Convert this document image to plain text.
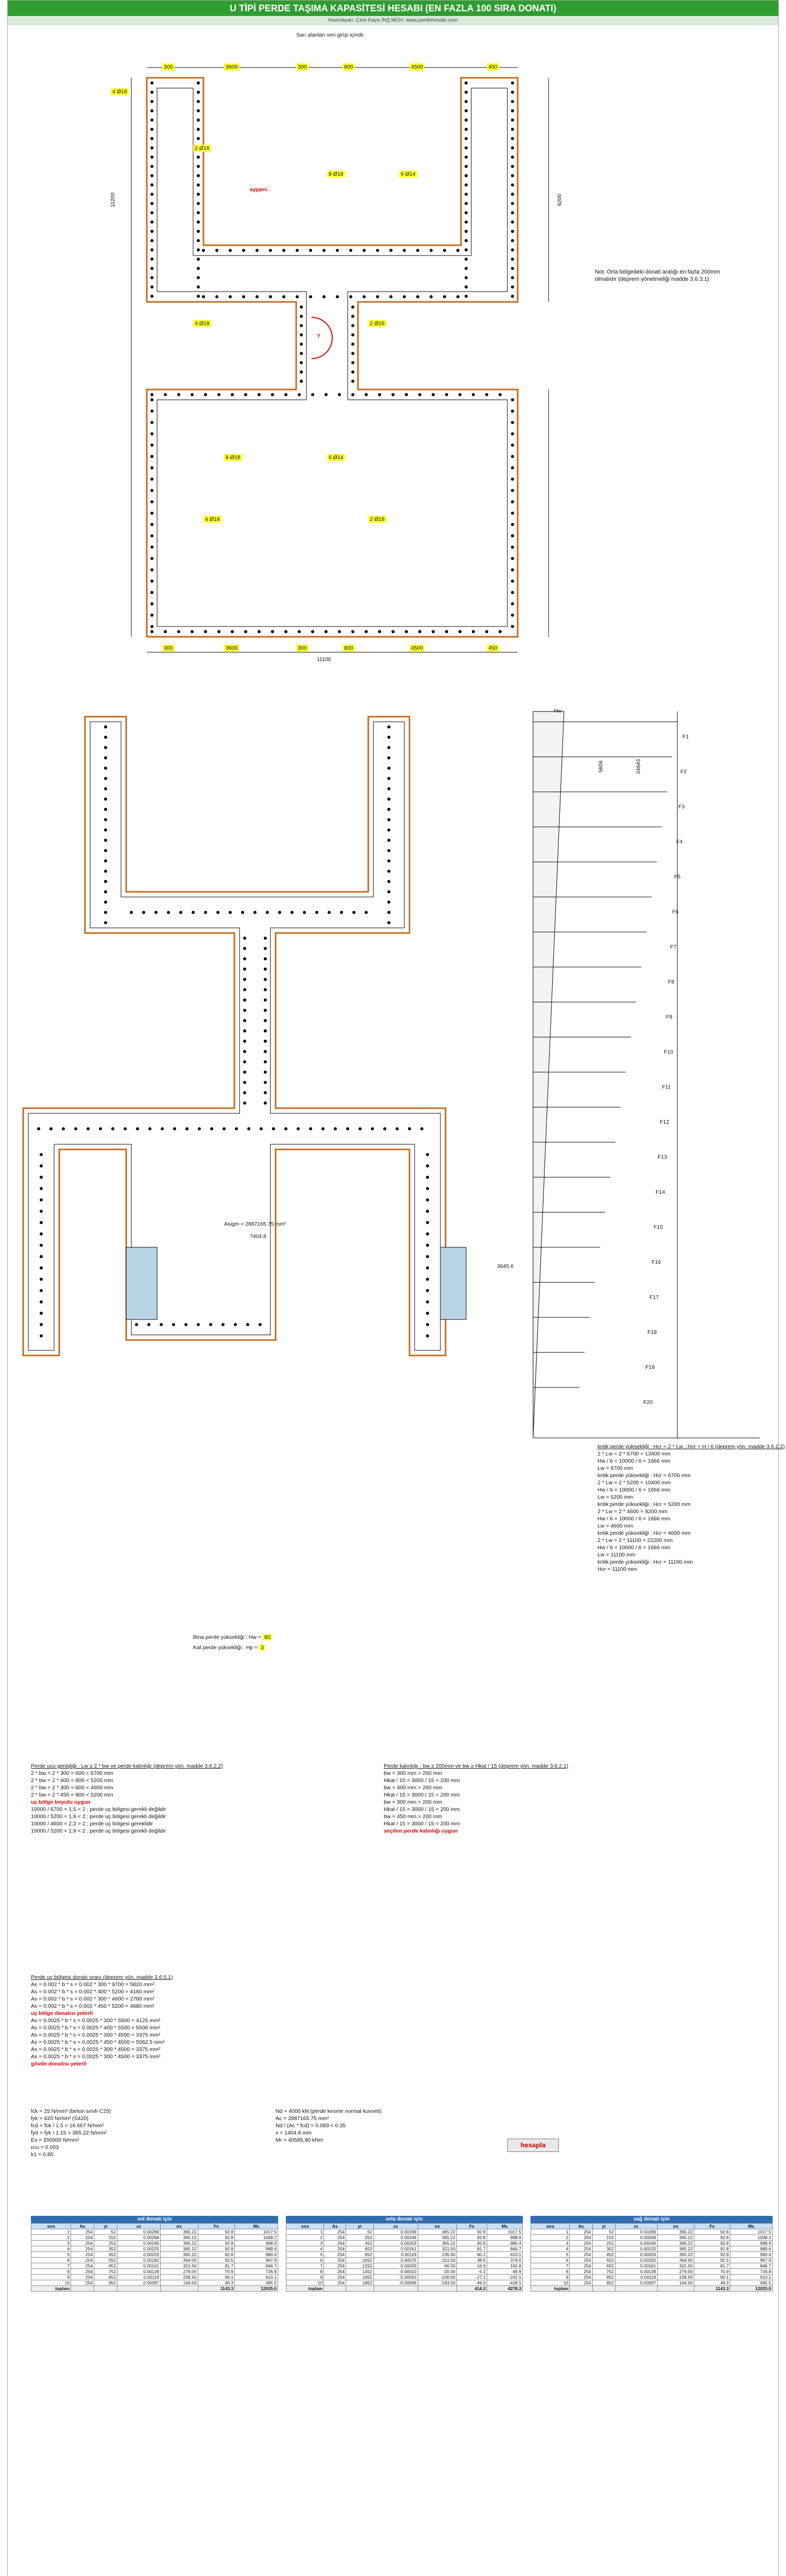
U TİPİ PERDE TAŞIMA KAPASİTESİ HESABI (EN FAZLA 100 SIRA DONATI)
Hazırlayan: Cem Kaya İNŞ.MÜH. www.perdehesabi.com
?
Sarı alanları veri girişi içindir.
11100
11200	6200
Not: Orta bölgedeki donati aralığı en fazla 200mm olmalıdır (deprem yönetmeliği madde 3.6.3.1)
Asigm = 2887165.75 mm²
?404.8
3645.6
Bina perde yüksekliği : Hw = 60
Kat perde yüksekliği : Hp = 3
F1
F2
F3
F4
F5
F6
F7
F8
F9
F10
F11
F12
F13
F14
F15
F16
F17
F18
F19
F20
kritik perde yüksekliği : Hcr = 2 * Lw ; Hcr = H / 6 (deprem yön. madde 3.6.2.2)
2 * Lw = 2 * 6700 = 13400 mm
Hw / 6 = 10000 / 6 = 1666 mm
Lw = 6700 mm
kritik perde yüksekliği : Hcr = 6700 mm
2 * Lw = 2 * 5200 = 10400 mm
Hw / 6 = 10000 / 6 = 1666 mm
Lw = 5200 mm
kritik perde yüksekliği : Hcr = 5200 mm
2 * Lw = 2 * 4600 = 9200 mm
Hw / 6 = 10000 / 6 = 1666 mm
Lw = 4600 mm
kritik perde yüksekliği : Hcr = 4600 mm
2 * Lw = 2 * 11100 = 22200 mm
Hw / 6 = 10000 / 6 = 1666 mm
Lw = 11100 mm
kritik perde yüksekliği : Hcr = 11100 mm
Hcr = 11100 mm
Perde ucu genişliği : Lw ≥ 2 * bw ve perde kalınlığı (deprem yön. madde 3.6.2.2)
2 * bw = 2 * 300 = 600 < 6700 mm
2 * bw = 2 * 400 = 800 < 5200 mm
2 * bw = 2 * 300 = 600 < 4600 mm
2 * bw = 2 * 450 = 900 < 5200 mm
uç bölge boyutu uygun
10000 / 6700 = 1.5 < 2 ; perde uç bölgesi gerekli değildir
10000 / 5200 = 1.9 < 2 ; perde uç bölgesi gerekli değildir
10000 / 4600 = 2.2 > 2 ; perde uç bölgesi gereklidir
10000 / 5200 = 1.9 < 2 ; perde uç bölgesi gerekli değildir
Perde kalınlığı : bw ≥ 200mm ve bw ≥ Hkat / 15 (deprem yön. madde 3.6.2.1)
bw = 300 mm > 200 mm
Hkat / 15 = 3000 / 15 = 200 mm
bw = 400 mm > 200 mm
Hkat / 15 = 3000 / 15 = 200 mm
bw = 300 mm > 200 mm
Hkat / 15 = 3000 / 15 = 200 mm
bw = 450 mm > 200 mm
Hkat / 15 = 3000 / 15 = 200 mm
seçilen perde kalınlığı uygun
Perde uç bölgesi donatı oranı (deprem yön. madde 3.6.5.1)
As = 0.002 * b * s = 0.002 * 300 * 9700 = 5820 mm²
As = 0.002 * b * s = 0.002 * 400 * 5200 = 4160 mm²
As = 0.002 * b * s = 0.002 * 300 * 4600 = 2760 mm²
As = 0.002 * b * s = 0.002 * 450 * 5200 = 4680 mm²
uç bölge donatısı yeterli
As = 0.0025 * b * s = 0.0025 * 300 * 5500 = 4125 mm²
As = 0.0025 * b * s = 0.0025 * 400 * 5500 = 5500 mm²
As = 0.0025 * b * s = 0.0025 * 300 * 4500 = 3375 mm²
As = 0.0025 * b * s = 0.0025 * 450 * 4500 = 5062.5 mm²
As = 0.0025 * b * s = 0.0025 * 300 * 4500 = 3375 mm²
As = 0.0025 * b * s = 0.0025 * 300 * 4500 = 3375 mm²
gövde donatısı yeterli
fck = 25 N/mm² (beton sınıfı C25)
fyk = 420 N/mm² (S420)
fcd = fck / 1.5 = 16.667 N/mm²
fyd = fyk / 1.15 = 365.22 N/mm²
Es = 200000 N/mm²
εcu = 0.003
k1 = 0.85
Nd = 4000 kN (perde kesme normal kuvveti)
Ac = 2887165.75 mm²
Nd / (Ac * fcd) = 0.083 < 0.35
x = 1404.8 mm
Mr = 40585,90 kNm
hesapla
sol donatı için
sıra	As	yi	εs	σs	Fs	Ms
1	254	52	0.00289	365.22	92.8	1017.5
2	254	152	0.00268	365.22	92.8	1008.2
3	254	252	0.00246	365.22	92.8	998.9
4	254	352	0.00225	365.22	92.8	989.6
5	254	452	0.00203	365.22	92.8	980.4
6	254	552	0.00182	364.00	92.5	967.9
7	254	652	0.00161	321.50	81.7	846.7
8	254	752	0.00139	279.00	70.9	726.8
9	254	852	0.00118	236.50	60.1	610.1
10	254	952	0.00097	194.00	49.3	495.5
toplam					1143.3	12025.0
orta donatı için
sıra	As	yi	εs	σs	Fs	Ms
1	254	52	0.00289	365.22	92.8	1017.5
2	254	252	0.00246	365.22	92.8	998.9
3	254	452	0.00203	365.22	92.8	980.4
4	254	652	0.00161	321.50	81.7	846.7
5	254	852	0.00118	236.50	60.1	610.1
6	254	1052	0.00075	151.50	38.5	379.0
7	254	1252	0.00033	66.50	16.9	162.8
8	254	1452	-0.00010	-20.00	-5.1	-46.9
9	254	1652	-0.00053	-106.50	-27.1	-242.1
10	254	1852	-0.00096	-193.00	-49.0	-428.1
toplam					414.3	4278.3
sağ donatı için
sıra	As	yi	εs	σs	Fs	Ms
1	254	52	0.00289	365.22	92.8	1017.5
2	254	152	0.00268	365.22	92.8	1008.2
3	254	252	0.00246	365.22	92.8	998.9
4	254	352	0.00225	365.22	92.8	989.6
5	254	452	0.00203	365.22	92.8	980.4
6	254	552	0.00182	364.00	92.5	967.9
7	254	652	0.00161	321.50	81.7	846.7
8	254	752	0.00139	279.00	70.9	726.8
9	254	852	0.00118	236.50	60.1	610.1
10	254	952	0.00097	194.00	49.3	495.5
toplam					1143.3	12025.0
300	3600	300	800	4500	450
300	3600	300	800	4500	450
4 Ø18
2 Ø16
8 Ø18	6 Ø14
4 Ø18	2 Ø16
8 Ø18	6 Ø14
4 Ø18	2 Ø18
aypprc.
Hw
5606	34643
